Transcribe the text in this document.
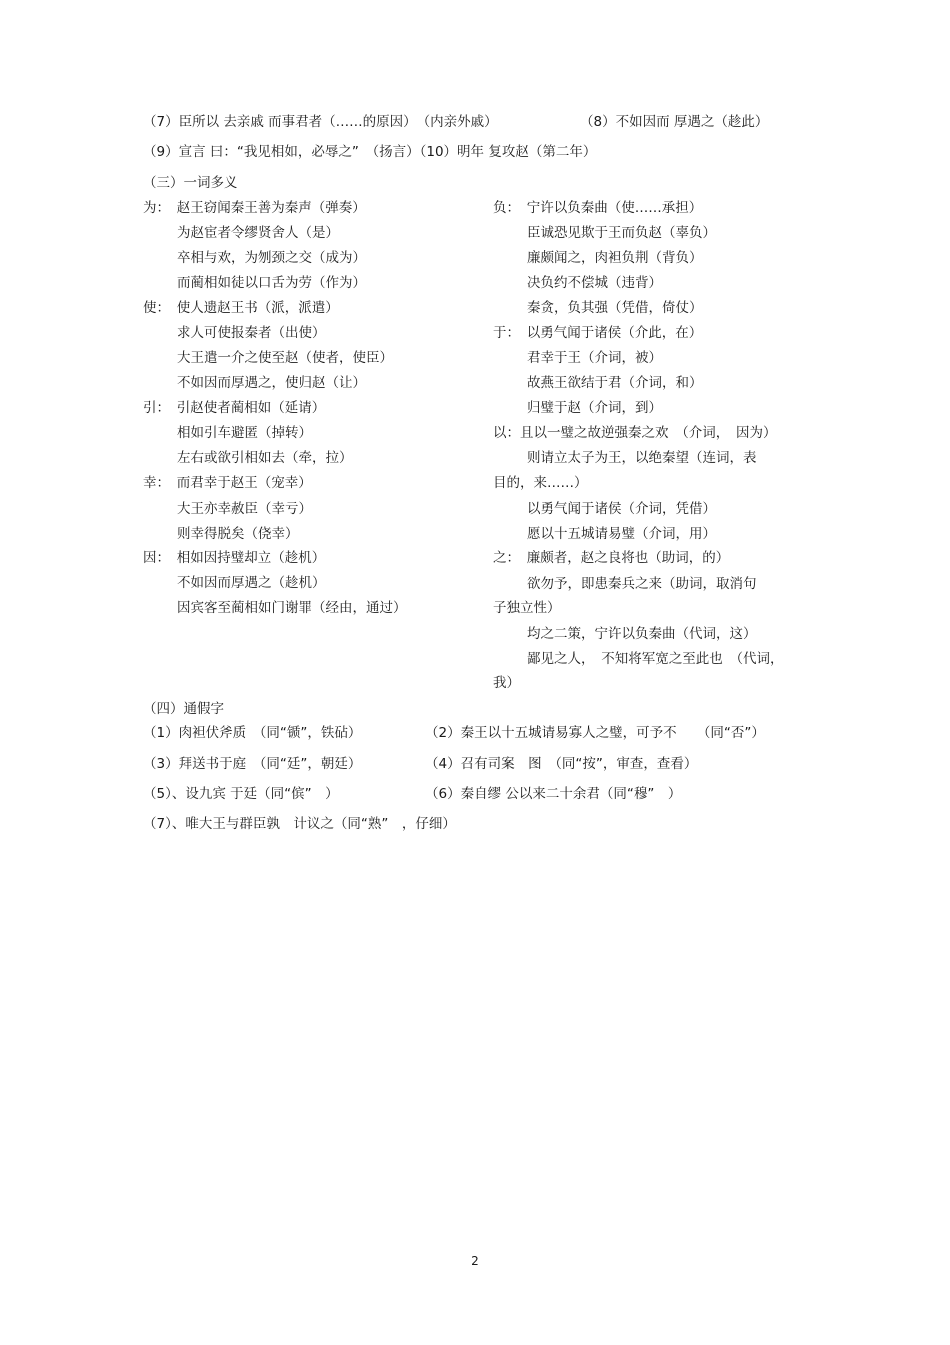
（7）臣所以 去亲戚 而事君者（……的原因）　（内亲外戚）	（8）不如因而 厚遇之（趁此）
（9）宣言 曰：“我见相如，必辱之”　（扬言）（10）明年 复攻赵（第二年）
（三）一词多义
为：　赵王窃闻秦王善为秦声（弹奏）
为赵宦者令缪贤舍人（是）
卒相与欢，为刎颈之交（成为）
而蔺相如徒以口舌为劳（作为）
使：　使人遗赵王书（派，派遣）
求人可使报秦者（出使）
大王遣一介之使至赵（使者，使臣）
不如因而厚遇之，使归赵（让）
引：　引赵使者蔺相如（延请）
相如引车避匿（掉转）
左右或欲引相如去（牵，拉）
幸：　而君幸于赵王（宠幸）
大王亦幸赦臣（幸亏）
则幸得脱矣（侥幸）
因：　相如因持璧却立（趁机）
不如因而厚遇之（趁机）
因宾客至蔺相如门谢罪（经由，通过）
负：　宁许以负秦曲（使……承担）
臣诚恐见欺于王而负赵（辜负）
廉颇闻之，肉袒负荆（背负）
决负约不偿城（违背）
秦贪，负其强（凭借，倚仗）
于：　以勇气闻于诸侯（介此，在）
君幸于王（介词，被）
故燕王欲结于君（介词，和）
归璧于赵（介词，到）
以：且以一璧之故逆强秦之欢　（介词，　因为）
则请立太子为王，以绝秦望（连词，表
目的，来……）
以勇气闻于诸侯（介词，凭借）
愿以十五城请易璧（介词，用）
之：　廉颇者，赵之良将也（助词，的）
欲勿予，即患秦兵之来（助词，取消句
子独立性）
均之二策，宁许以负秦曲（代词，这）
鄙见之人，　不知将军宽之至此也　（代词，
我）
（四）通假字
（1）肉袒伏斧质　（同“锧”，铁砧）	（2）秦王以十五城请易寡人之璧，可予不　　（同“否”）
（3）拜送书于庭　（同“廷”，朝廷）	（4）召有司案　图　（同“按”，审查，查看）
（5）、设九宾 于廷（同“傧”　）	（6）秦自缪 公以来二十余君（同“穆”　）
（7）、唯大王与群臣孰　计议之（同“熟”　，仔细）
2
